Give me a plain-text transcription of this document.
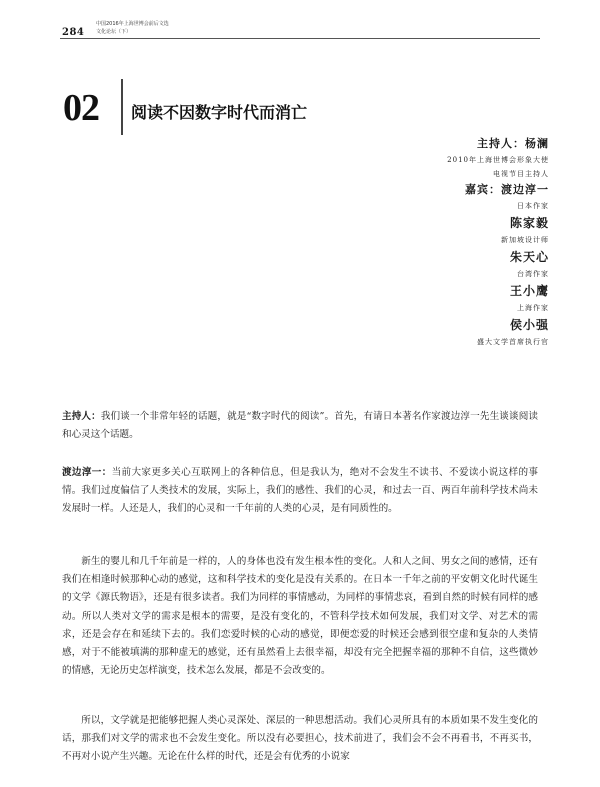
284
中国2016年上海世博会前后文选
文化论坛（下）
02 阅读不因数字时代而消亡
主持人：杨澜
2010年上海世博会形象大使
电视节目主持人
嘉宾：渡边淳一
日本作家
陈家毅
新加坡设计师
朱天心
台湾作家
王小鹰
上海作家
侯小强
盛大文学首席执行官
主持人：我们谈一个非常年轻的话题，就是“数字时代的阅读”。首先，有请日本著名作家渡边淳一先生谈谈阅读和心灵这个话题。
渡边淳一：当前大家更多关心互联网上的各种信息，但是我认为，绝对不会发生不读书、不爱读小说这样的事情。我们过度偏信了人类技术的发展，实际上，我们的感性、我们的心灵，和过去一百、两百年前科学技术尚未发展时一样。人还是人，我们的心灵和一千年前的人类的心灵，是有同质性的。
新生的婴儿和几千年前是一样的，人的身体也没有发生根本性的变化。人和人之间、男女之间的感情，还有我们在相逢时候那种心动的感觉，这和科学技术的变化是没有关系的。在日本一千年之前的平安朝文化时代诞生的文学《源氏物语》，还是有很多读者。我们为同样的事情感动，为同样的事情悲哀，看到自然的时候有同样的感动。所以人类对文学的需求是根本的需要，是没有变化的，不管科学技术如何发展，我们对文学、对艺术的需求，还是会存在和延续下去的。我们恋爱时候的心动的感觉，即便恋爱的时候还会感到很空虚和复杂的人类情感，对于不能被填满的那种虚无的感觉，还有虽然看上去很幸福，却没有完全把握幸福的那种不自信，这些微妙的情感，无论历史怎样演变，技术怎么发展，都是不会改变的。
所以，文学就是把能够把握人类心灵深处、深层的一种思想活动。我们心灵所具有的本质如果不发生变化的话，那我们对文学的需求也不会发生变化。所以没有必要担心，技术前进了，我们会不会不再看书，不再买书，不再对小说产生兴趣。无论在什么样的时代，还是会有优秀的小说家
